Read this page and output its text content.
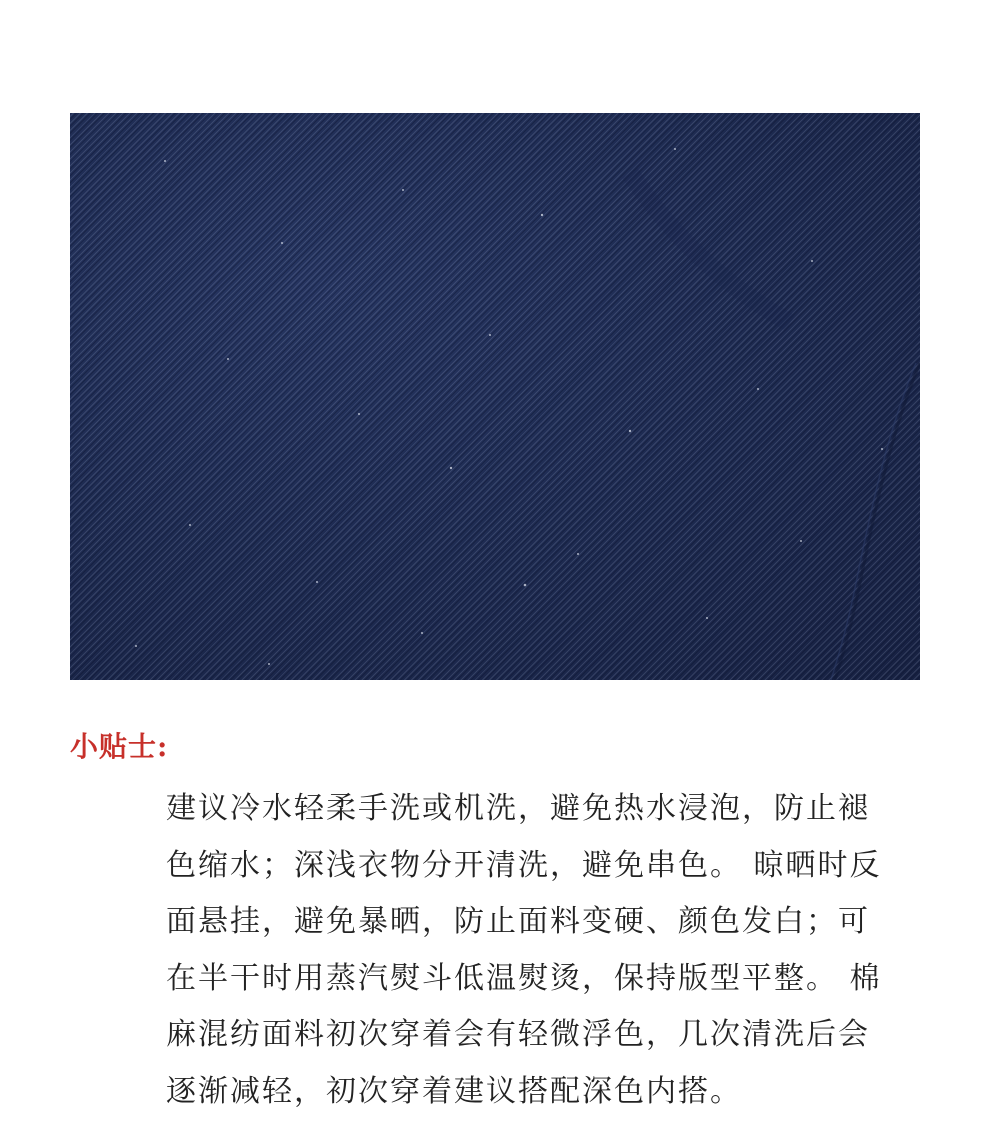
小贴士:

建议冷水轻柔手洗或机洗，避免热水浸泡，防止褪
色缩水；深浅衣物分开清洗，避免串色。 晾晒时反
面悬挂，避免暴晒，防止面料变硬、颜色发白；可
在半干时用蒸汽熨斗低温熨烫，保持版型平整。 棉
麻混纺面料初次穿着会有轻微浮色，几次清洗后会
逐渐减轻，初次穿着建议搭配深色内搭。
